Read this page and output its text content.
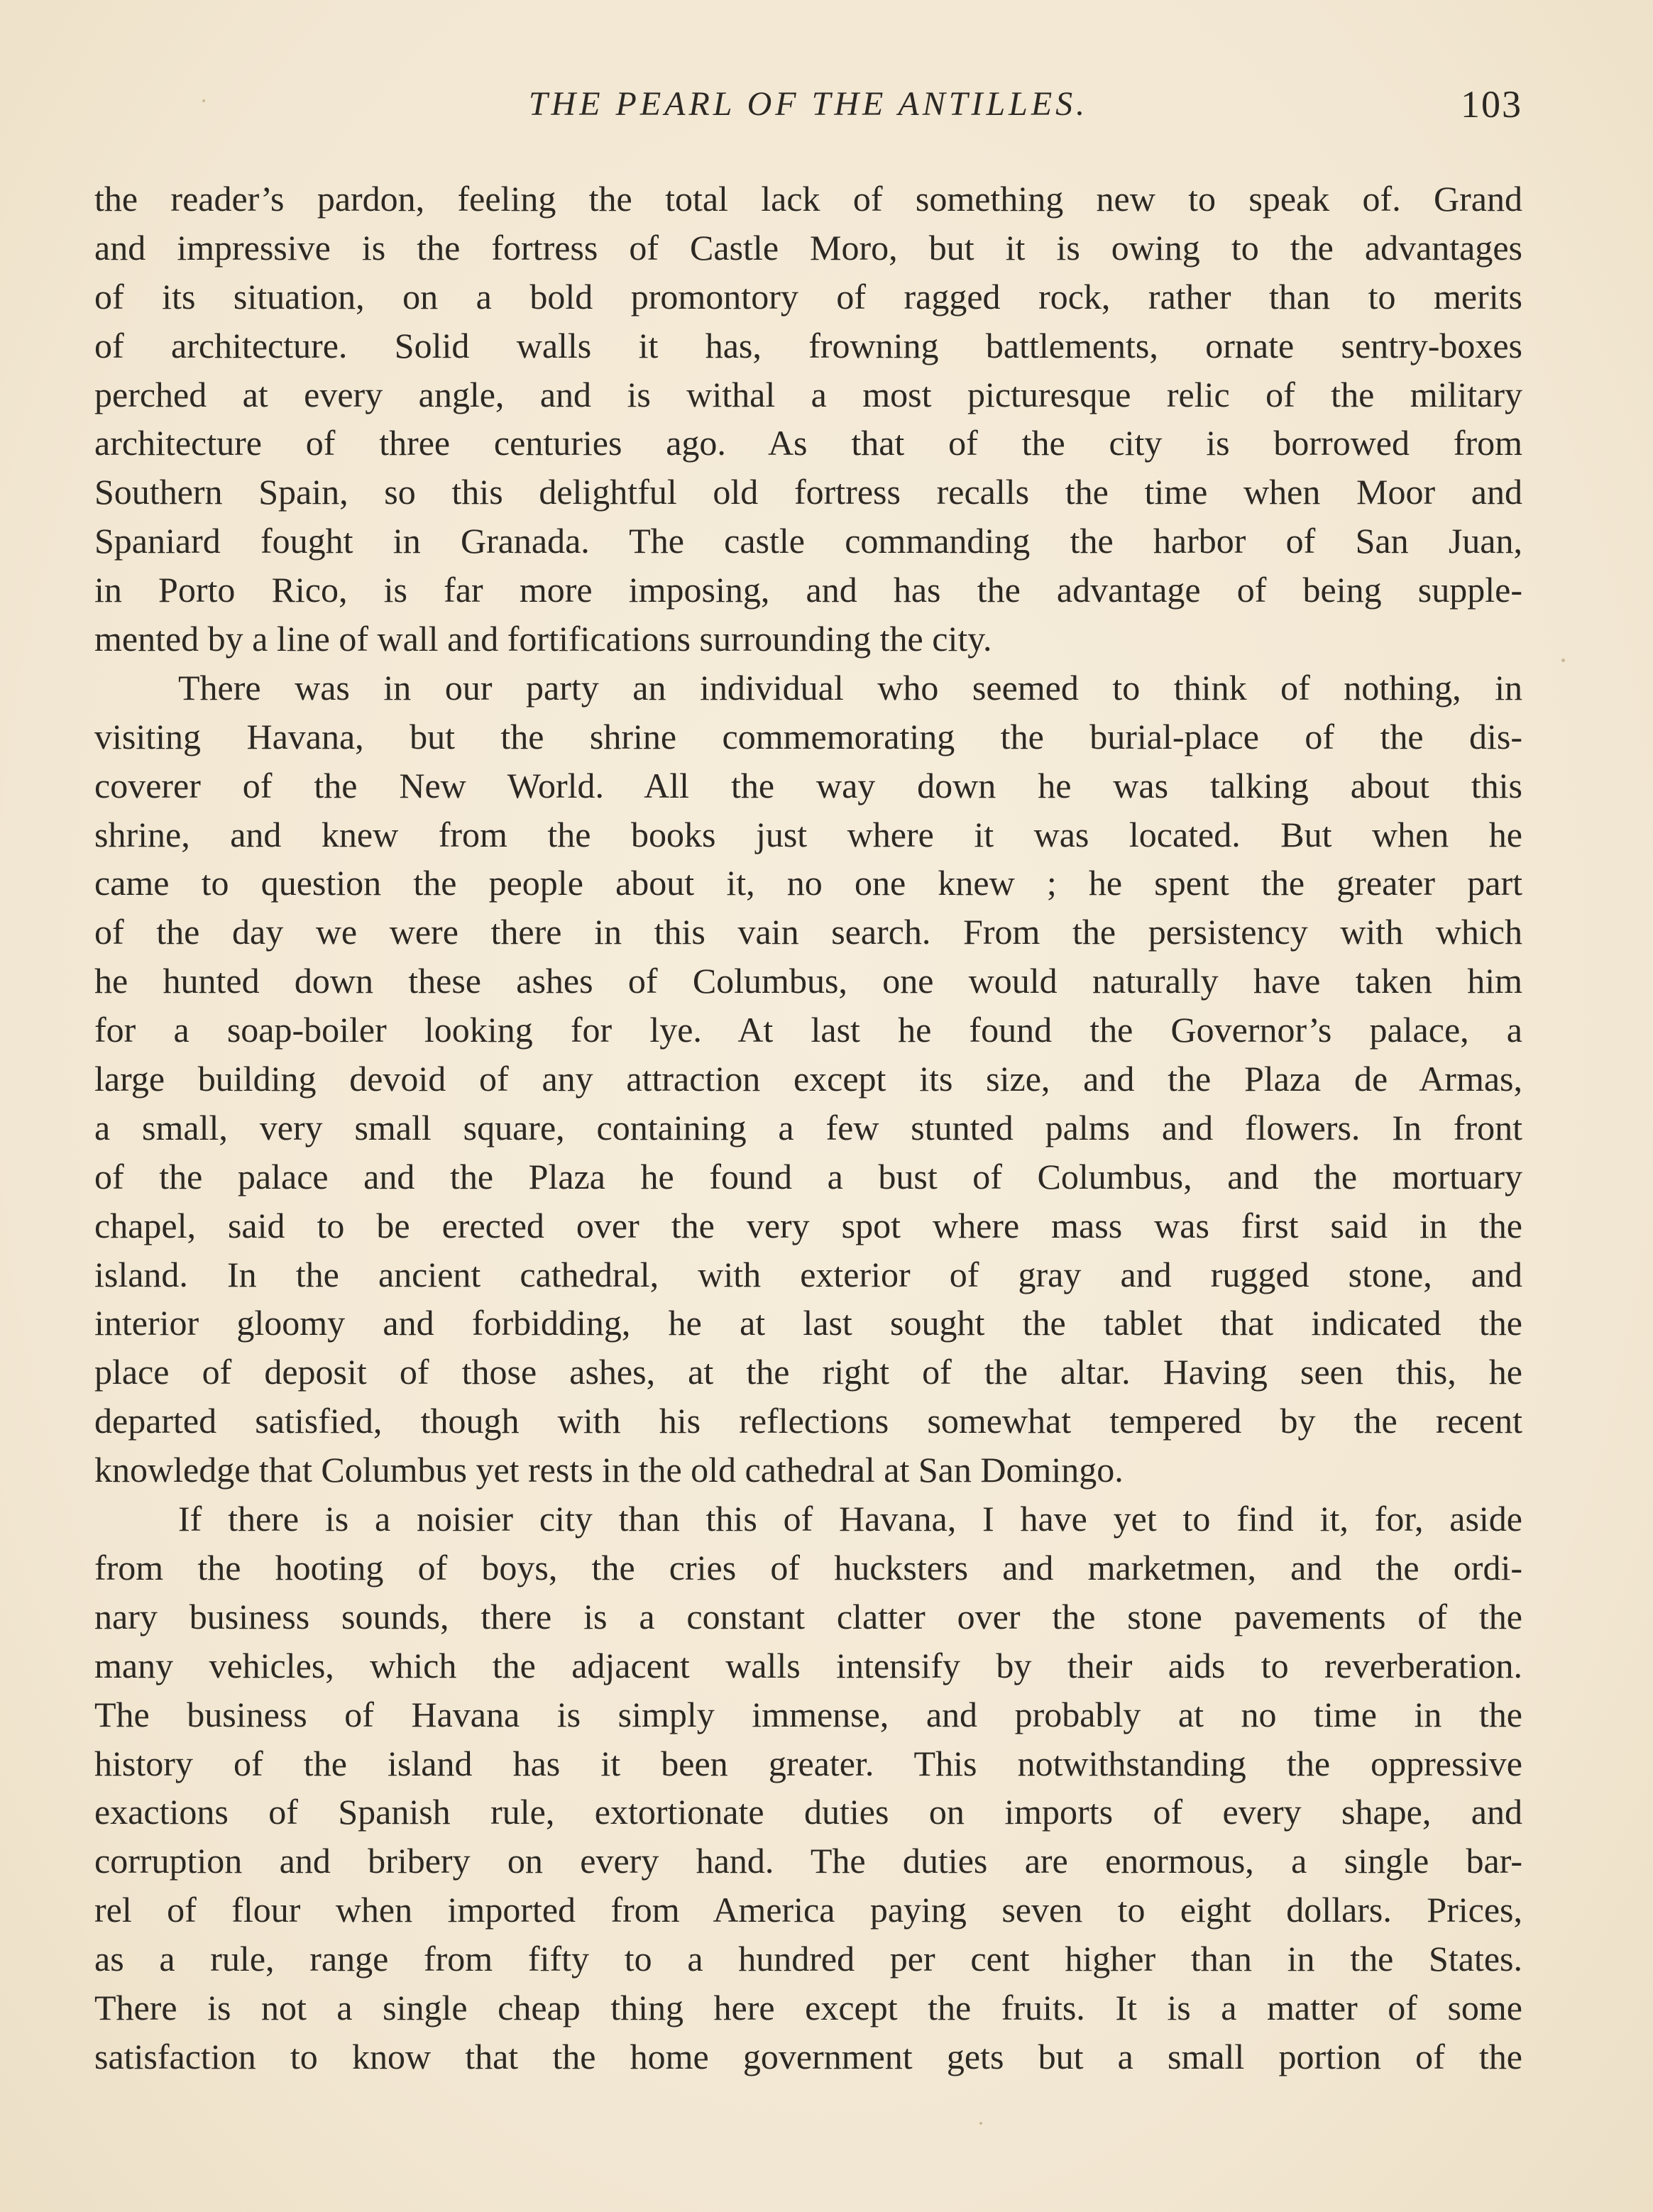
THE PEARL OF THE ANTILLES.	103
the reader’s pardon, feeling the total lack of something new to speak of. Grand
and impressive is the fortress of Castle Moro, but it is owing to the advantages
of its situation, on a bold promontory of ragged rock, rather than to merits
of architecture. Solid walls it has, frowning battlements, ornate sentry-boxes
perched at every angle, and is withal a most picturesque relic of the military
architecture of three centuries ago. As that of the city is borrowed from
Southern Spain, so this delightful old fortress recalls the time when Moor and
Spaniard fought in Granada. The castle commanding the harbor of San Juan,
in Porto Rico, is far more imposing, and has the advantage of being supple-
mented by a line of wall and fortifications surrounding the city.
There was in our party an individual who seemed to think of nothing, in
visiting Havana, but the shrine commemorating the burial-place of the dis-
coverer of the New World. All the way down he was talking about this
shrine, and knew from the books just where it was located. But when he
came to question the people about it, no one knew ; he spent the greater part
of the day we were there in this vain search. From the persistency with which
he hunted down these ashes of Columbus, one would naturally have taken him
for a soap-boiler looking for lye. At last he found the Governor’s palace, a
large building devoid of any attraction except its size, and the Plaza de Armas,
a small, very small square, containing a few stunted palms and flowers. In front
of the palace and the Plaza he found a bust of Columbus, and the mortuary
chapel, said to be erected over the very spot where mass was first said in the
island. In the ancient cathedral, with exterior of gray and rugged stone, and
interior gloomy and forbidding, he at last sought the tablet that indicated the
place of deposit of those ashes, at the right of the altar. Having seen this, he
departed satisfied, though with his reflections somewhat tempered by the recent
knowledge that Columbus yet rests in the old cathedral at San Domingo.
If there is a noisier city than this of Havana, I have yet to find it, for, aside
from the hooting of boys, the cries of hucksters and marketmen, and the ordi-
nary business sounds, there is a constant clatter over the stone pavements of the
many vehicles, which the adjacent walls intensify by their aids to reverberation.
The business of Havana is simply immense, and probably at no time in the
history of the island has it been greater. This notwithstanding the oppressive
exactions of Spanish rule, extortionate duties on imports of every shape, and
corruption and bribery on every hand. The duties are enormous, a single bar-
rel of flour when imported from America paying seven to eight dollars. Prices,
as a rule, range from fifty to a hundred per cent higher than in the States.
There is not a single cheap thing here except the fruits. It is a matter of some
satisfaction to know that the home government gets but a small portion of the
